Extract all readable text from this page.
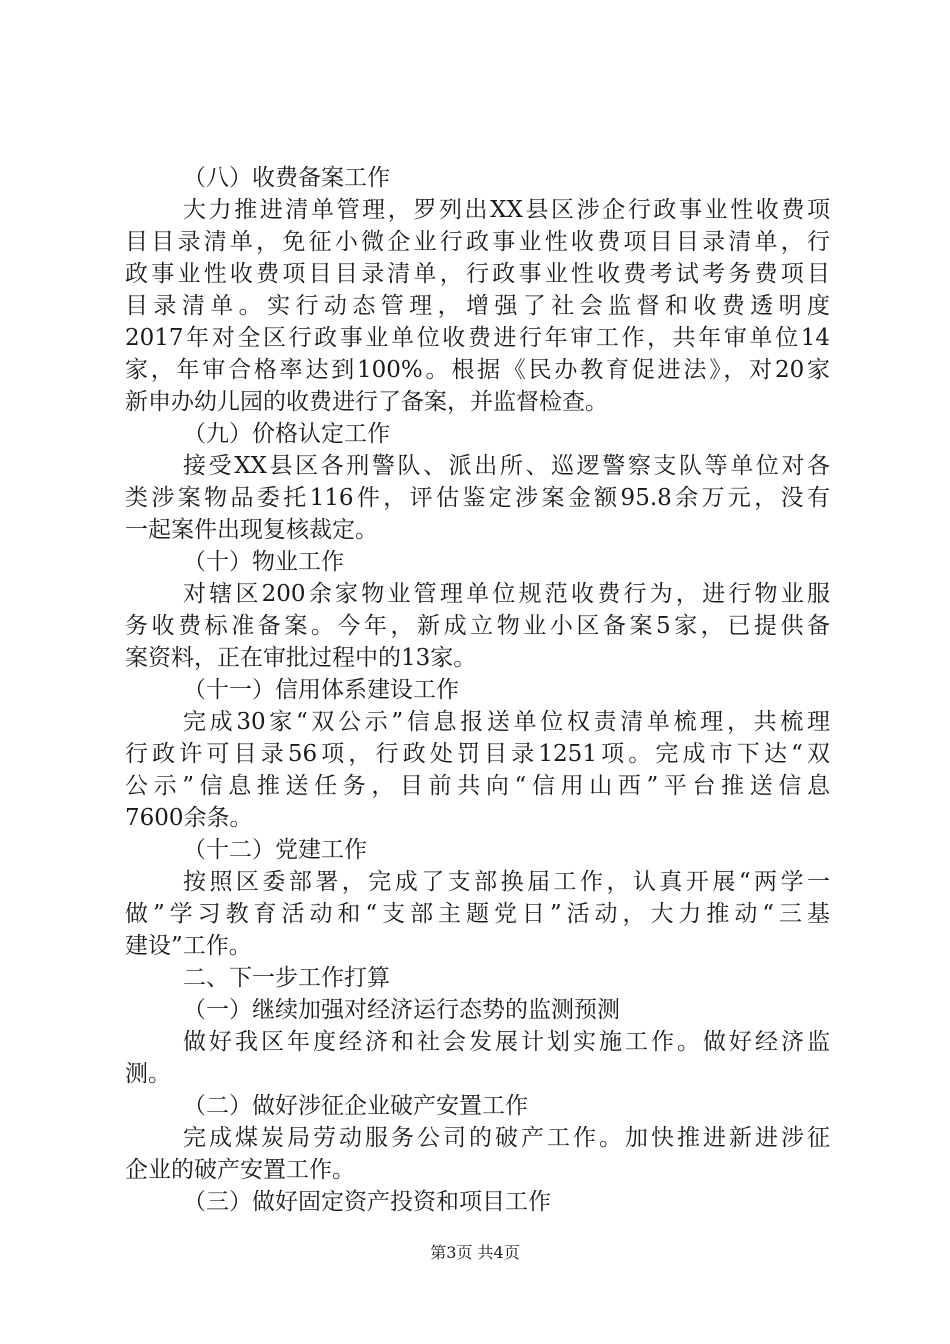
（八）收费备案工作
大力推进清单管理，罗列出XX县区涉企行政事业性收费项
目目录清单，免征小微企业行政事业性收费项目目录清单，行
政事业性收费项目目录清单，行政事业性收费考试考务费项目
目录清单。实行动态管理，增强了社会监督和收费透明度
2017年对全区行政事业单位收费进行年审工作，共年审单位14
家，年审合格率达到100%。根据《民办教育促进法》，对20家
新申办幼儿园的收费进行了备案，并监督检查。
（九）价格认定工作
接受XX县区各刑警队、派出所、巡逻警察支队等单位对各
类涉案物品委托116件，评估鉴定涉案金额95.8余万元，没有
一起案件出现复核裁定。
（十）物业工作
对辖区200余家物业管理单位规范收费行为，进行物业服
务收费标准备案。今年，新成立物业小区备案5家，已提供备
案资料，正在审批过程中的13家。
（十一）信用体系建设工作
完成30家“双公示”信息报送单位权责清单梳理，共梳理
行政许可目录56项，行政处罚目录1251项。完成市下达“双
公示”信息推送任务，目前共向“信用山西”平台推送信息
7600余条。
（十二）党建工作
按照区委部署，完成了支部换届工作，认真开展“两学一
做”学习教育活动和“支部主题党日”活动，大力推动“三基
建设”工作。
二、下一步工作打算
（一）继续加强对经济运行态势的监测预测
做好我区年度经济和社会发展计划实施工作。做好经济监
测。
（二）做好涉征企业破产安置工作
完成煤炭局劳动服务公司的破产工作。加快推进新进涉征
企业的破产安置工作。
（三）做好固定资产投资和项目工作
第3页 共4页
